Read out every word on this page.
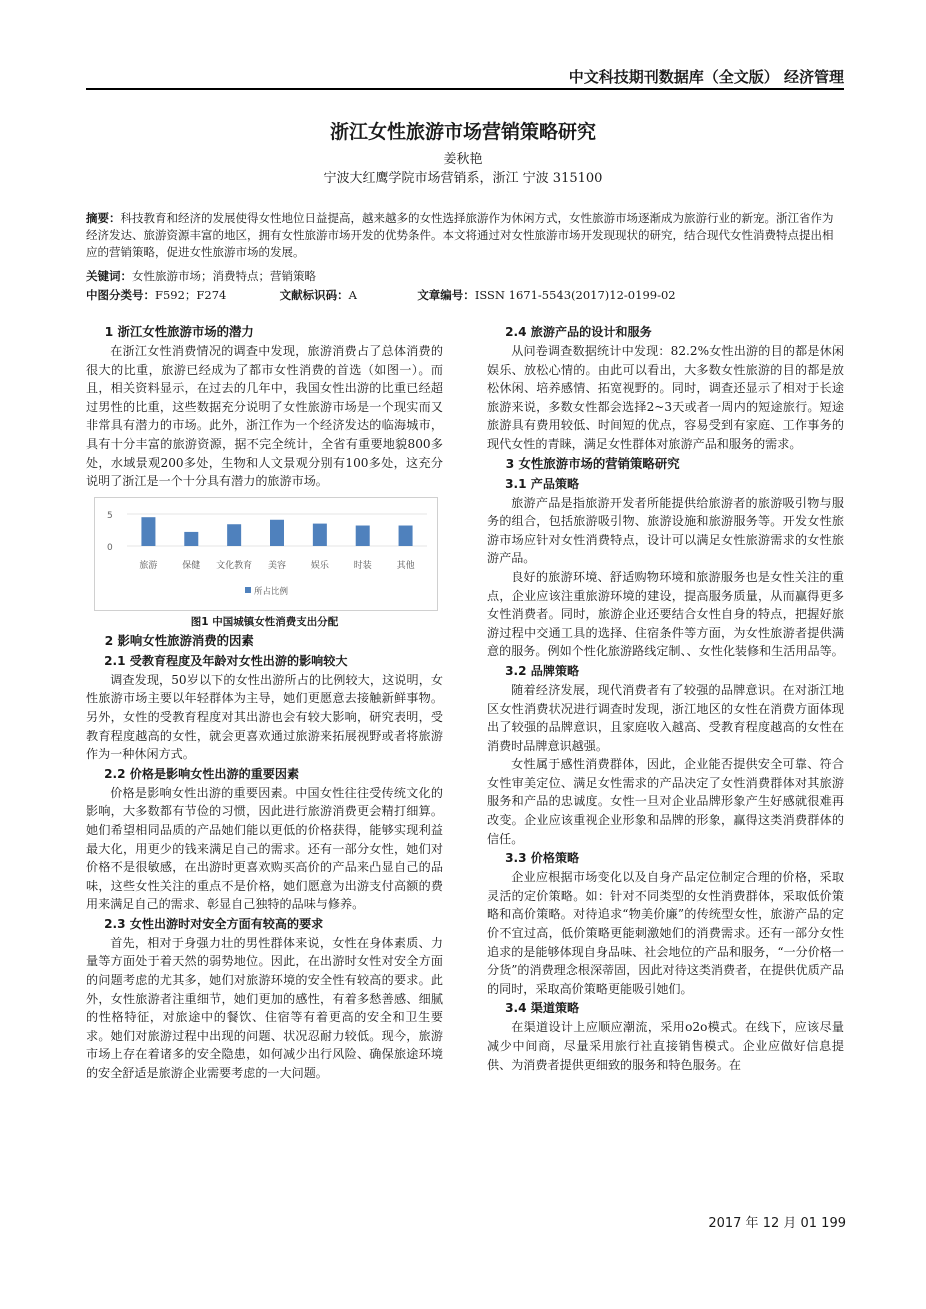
中文科技期刊数据库（全文版） 经济管理
浙江女性旅游市场营销策略研究
姜秋艳
宁波大红鹰学院市场营销系，浙江 宁波 315100
摘要：科技教育和经济的发展使得女性地位日益提高，越来越多的女性选择旅游作为休闲方式，女性旅游市场逐渐成为旅游行业的新宠。浙江省作为经济发达、旅游资源丰富的地区，拥有女性旅游市场开发的优势条件。本文将通过对女性旅游市场开发现现状的研究，结合现代女性消费特点提出相应的营销策略，促进女性旅游市场的发展。
关键词：女性旅游市场；消费特点；营销策略
中图分类号：F592；F274	文献标识码：A	文章编号：ISSN 1671-5543(2017)12-0199-02
1 浙江女性旅游市场的潜力

在浙江女性消费情况的调查中发现，旅游消费占了总体消费的很大的比重，旅游已经成为了都市女性消费的首选（如图一）。而且，相关资料显示，在过去的几年中，我国女性出游的比重已经超过男性的比重，这些数据充分说明了女性旅游市场是一个现实而又非常具有潜力的市场。此外，浙江作为一个经济发达的临海城市，具有十分丰富的旅游资源，据不完全统计，全省有重要地貌800多处，水域景观200多处，生物和人文景观分别有100多处，这充分说明了浙江是一个十分具有潜力的旅游市场。

5
0
旅游	保健 文化教育 美容	娱乐	时装	其他
所占比例
图1 中国城镇女性消费支出分配
2 影响女性旅游消费的因素
2.1 受教育程度及年龄对女性出游的影响较大

调查发现，50岁以下的女性出游所占的比例较大，这说明，女性旅游市场主要以年轻群体为主导，她们更愿意去接触新鲜事物。另外，女性的受教育程度对其出游也会有较大影响，研究表明，受教育程度越高的女性，就会更喜欢通过旅游来拓展视野或者将旅游作为一种休闲方式。

2.2 价格是影响女性出游的重要因素

价格是影响女性出游的重要因素。中国女性往往受传统文化的影响，大多数都有节俭的习惯，因此进行旅游消费更会精打细算。她们希望相同品质的产品她们能以更低的价格获得，能够实现利益最大化，用更少的钱来满足自己的需求。还有一部分女性，她们对价格不是很敏感，在出游时更喜欢购买高价的产品来凸显自己的品味，这些女性关注的重点不是价格，她们愿意为出游支付高额的费用来满足自己的需求、彰显自己独特的品味与修养。

2.3 女性出游时对安全方面有较高的要求

首先，相对于身强力壮的男性群体来说，女性在身体素质、力量等方面处于着天然的弱势地位。因此，在出游时女性对安全方面的问题考虑的尤其多，她们对旅游环境的安全性有较高的要求。此外，女性旅游者注重细节，她们更加的感性，有着多愁善感、细腻的性格特征，对旅途中的餐饮、住宿等有着更高的安全和卫生要求。她们对旅游过程中出现的问题、状况忍耐力较低。现今，旅游市场上存在着诸多的安全隐患，如何减少出行风险、确保旅途环境的安全舒适是旅游企业需要考虑的一大问题。

2.4 旅游产品的设计和服务

从问卷调查数据统计中发现：82.2%女性出游的目的都是休闲娱乐、放松心情的。由此可以看出，大多数女性旅游的目的都是放松休闲、培养感情、拓宽视野的。同时，调查还显示了相对于长途旅游来说，多数女性都会选择2~3天或者一周内的短途旅行。短途旅游具有费用较低、时间短的优点，容易受到有家庭、工作事务的现代女性的青睐，满足女性群体对旅游产品和服务的需求。

3 女性旅游市场的营销策略研究
3.1 产品策略

旅游产品是指旅游开发者所能提供给旅游者的旅游吸引物与服务的组合，包括旅游吸引物、旅游设施和旅游服务等。开发女性旅游市场应针对女性消费特点，设计可以满足女性旅游需求的女性旅游产品。

良好的旅游环境、舒适购物环境和旅游服务也是女性关注的重点，企业应该注重旅游环境的建设，提高服务质量，从而赢得更多女性消费者。同时，旅游企业还要结合女性自身的特点，把握好旅游过程中交通工具的选择、住宿条件等方面，为女性旅游者提供满意的服务。例如个性化旅游路线定制、、女性化装修和生活用品等。

3.2 品牌策略

随着经济发展，现代消费者有了较强的品牌意识。在对浙江地区女性消费状况进行调查时发现，浙江地区的女性在消费方面体现出了较强的品牌意识，且家庭收入越高、受教育程度越高的女性在消费时品牌意识越强。

女性属于感性消费群体，因此，企业能否提供安全可靠、符合女性审美定位、满足女性需求的产品决定了女性消费群体对其旅游服务和产品的忠诚度。女性一旦对企业品牌形象产生好感就很难再改变。企业应该重视企业形象和品牌的形象，赢得这类消费群体的信任。

3.3 价格策略

企业应根据市场变化以及自身产品定位制定合理的价格，采取灵活的定价策略。如：针对不同类型的女性消费群体，采取低价策略和高价策略。对待追求“物美价廉”的传统型女性，旅游产品的定价不宜过高，低价策略更能刺激她们的消费需求。还有一部分女性追求的是能够体现自身品味、社会地位的产品和服务，“一分价格一分货”的消费理念根深蒂固，因此对待这类消费者，在提供优质产品的同时，采取高价策略更能吸引她们。

3.4 渠道策略

在渠道设计上应顺应潮流，采用o2o模式。在线下，应该尽量减少中间商，尽量采用旅行社直接销售模式。企业应做好信息提供、为消费者提供更细致的服务和特色服务。在

2017 年 12 月 01 199
